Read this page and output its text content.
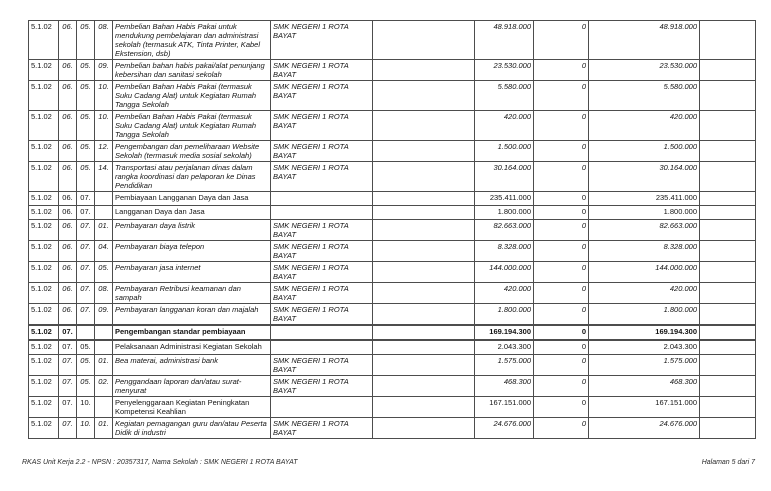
5.1.02	06.	05.	08.	Pembelian Bahan Habis Pakai untuk mendukung pembelajaran dan administrasi sekolah (termasuk ATK, Tinta Printer, Kabel Ekstension, dsb)	SMK NEGERI 1 ROTA BAYAT		48.918.000	0	48.918.000	
5.1.02	06.	05.	09.	Pembelian bahan habis pakai/alat penunjang kebersihan dan sanitasi sekolah	SMK NEGERI 1 ROTA BAYAT		23.530.000	0	23.530.000	
5.1.02	06.	05.	10.	Pembelian Bahan Habis Pakai (termasuk Suku Cadang Alat) untuk Kegiatan Rumah Tangga Sekolah	SMK NEGERI 1 ROTA BAYAT		5.580.000	0	5.580.000	
5.1.02	06.	05.	10.	Pembelian Bahan Habis Pakai (termasuk Suku Cadang Alat) untuk Kegiatan Rumah Tangga Sekolah	SMK NEGERI 1 ROTA BAYAT		420.000	0	420.000	
5.1.02	06.	05.	12.	Pengembangan dan pemeliharaan Website Sekolah (termasuk media sosial sekolah)	SMK NEGERI 1 ROTA BAYAT		1.500.000	0	1.500.000	
5.1.02	06.	05.	14.	Transportasi atau perjalanan dinas dalam rangka koordinasi dan pelaporan ke Dinas Pendidikan	SMK NEGERI 1 ROTA BAYAT		30.164.000	0	30.164.000	
5.1.02	06.	07.		Pembiayaan Langganan Daya dan Jasa			235.411.000	0	235.411.000	
5.1.02	06.	07.		Langganan Daya dan Jasa			1.800.000	0	1.800.000	
5.1.02	06.	07.	01.	Pembayaran daya listrik	SMK NEGERI 1 ROTA BAYAT		82.663.000	0	82.663.000	
5.1.02	06.	07.	04.	Pembayaran biaya telepon	SMK NEGERI 1 ROTA BAYAT		8.328.000	0	8.328.000	
5.1.02	06.	07.	05.	Pembayaran jasa internet	SMK NEGERI 1 ROTA BAYAT		144.000.000	0	144.000.000	
5.1.02	06.	07.	08.	Pembayaran Retribusi keamanan dan sampah	SMK NEGERI 1 ROTA BAYAT		420.000	0	420.000	
5.1.02	06.	07.	09.	Pembayaran langganan koran dan majalah	SMK NEGERI 1 ROTA BAYAT		1.800.000	0	1.800.000	
5.1.02	07.			Pengembangan standar pembiayaan			169.194.300	0	169.194.300	
5.1.02	07.	05.		Pelaksanaan Administrasi Kegiatan Sekolah			2.043.300	0	2.043.300	
5.1.02	07.	05.	01.	Bea materai, administrasi bank	SMK NEGERI 1 ROTA BAYAT		1.575.000	0	1.575.000	
5.1.02	07.	05.	02.	Penggandaan laporan dan/atau surat-menyurat	SMK NEGERI 1 ROTA BAYAT		468.300	0	468.300	
5.1.02	07.	10.		Penyelenggaraan Kegiatan Peningkatan Kompetensi Keahlian			167.151.000	0	167.151.000	
5.1.02	07.	10.	01.	Kegiatan pemagangan guru dan/atau Peserta Didik di industri	SMK NEGERI 1 ROTA BAYAT		24.676.000	0	24.676.000	
RKAS Unit Kerja 2.2 - NPSN : 20357317, Nama Sekolah : SMK NEGERI 1 ROTA BAYAT	Halaman 5 dari 7
